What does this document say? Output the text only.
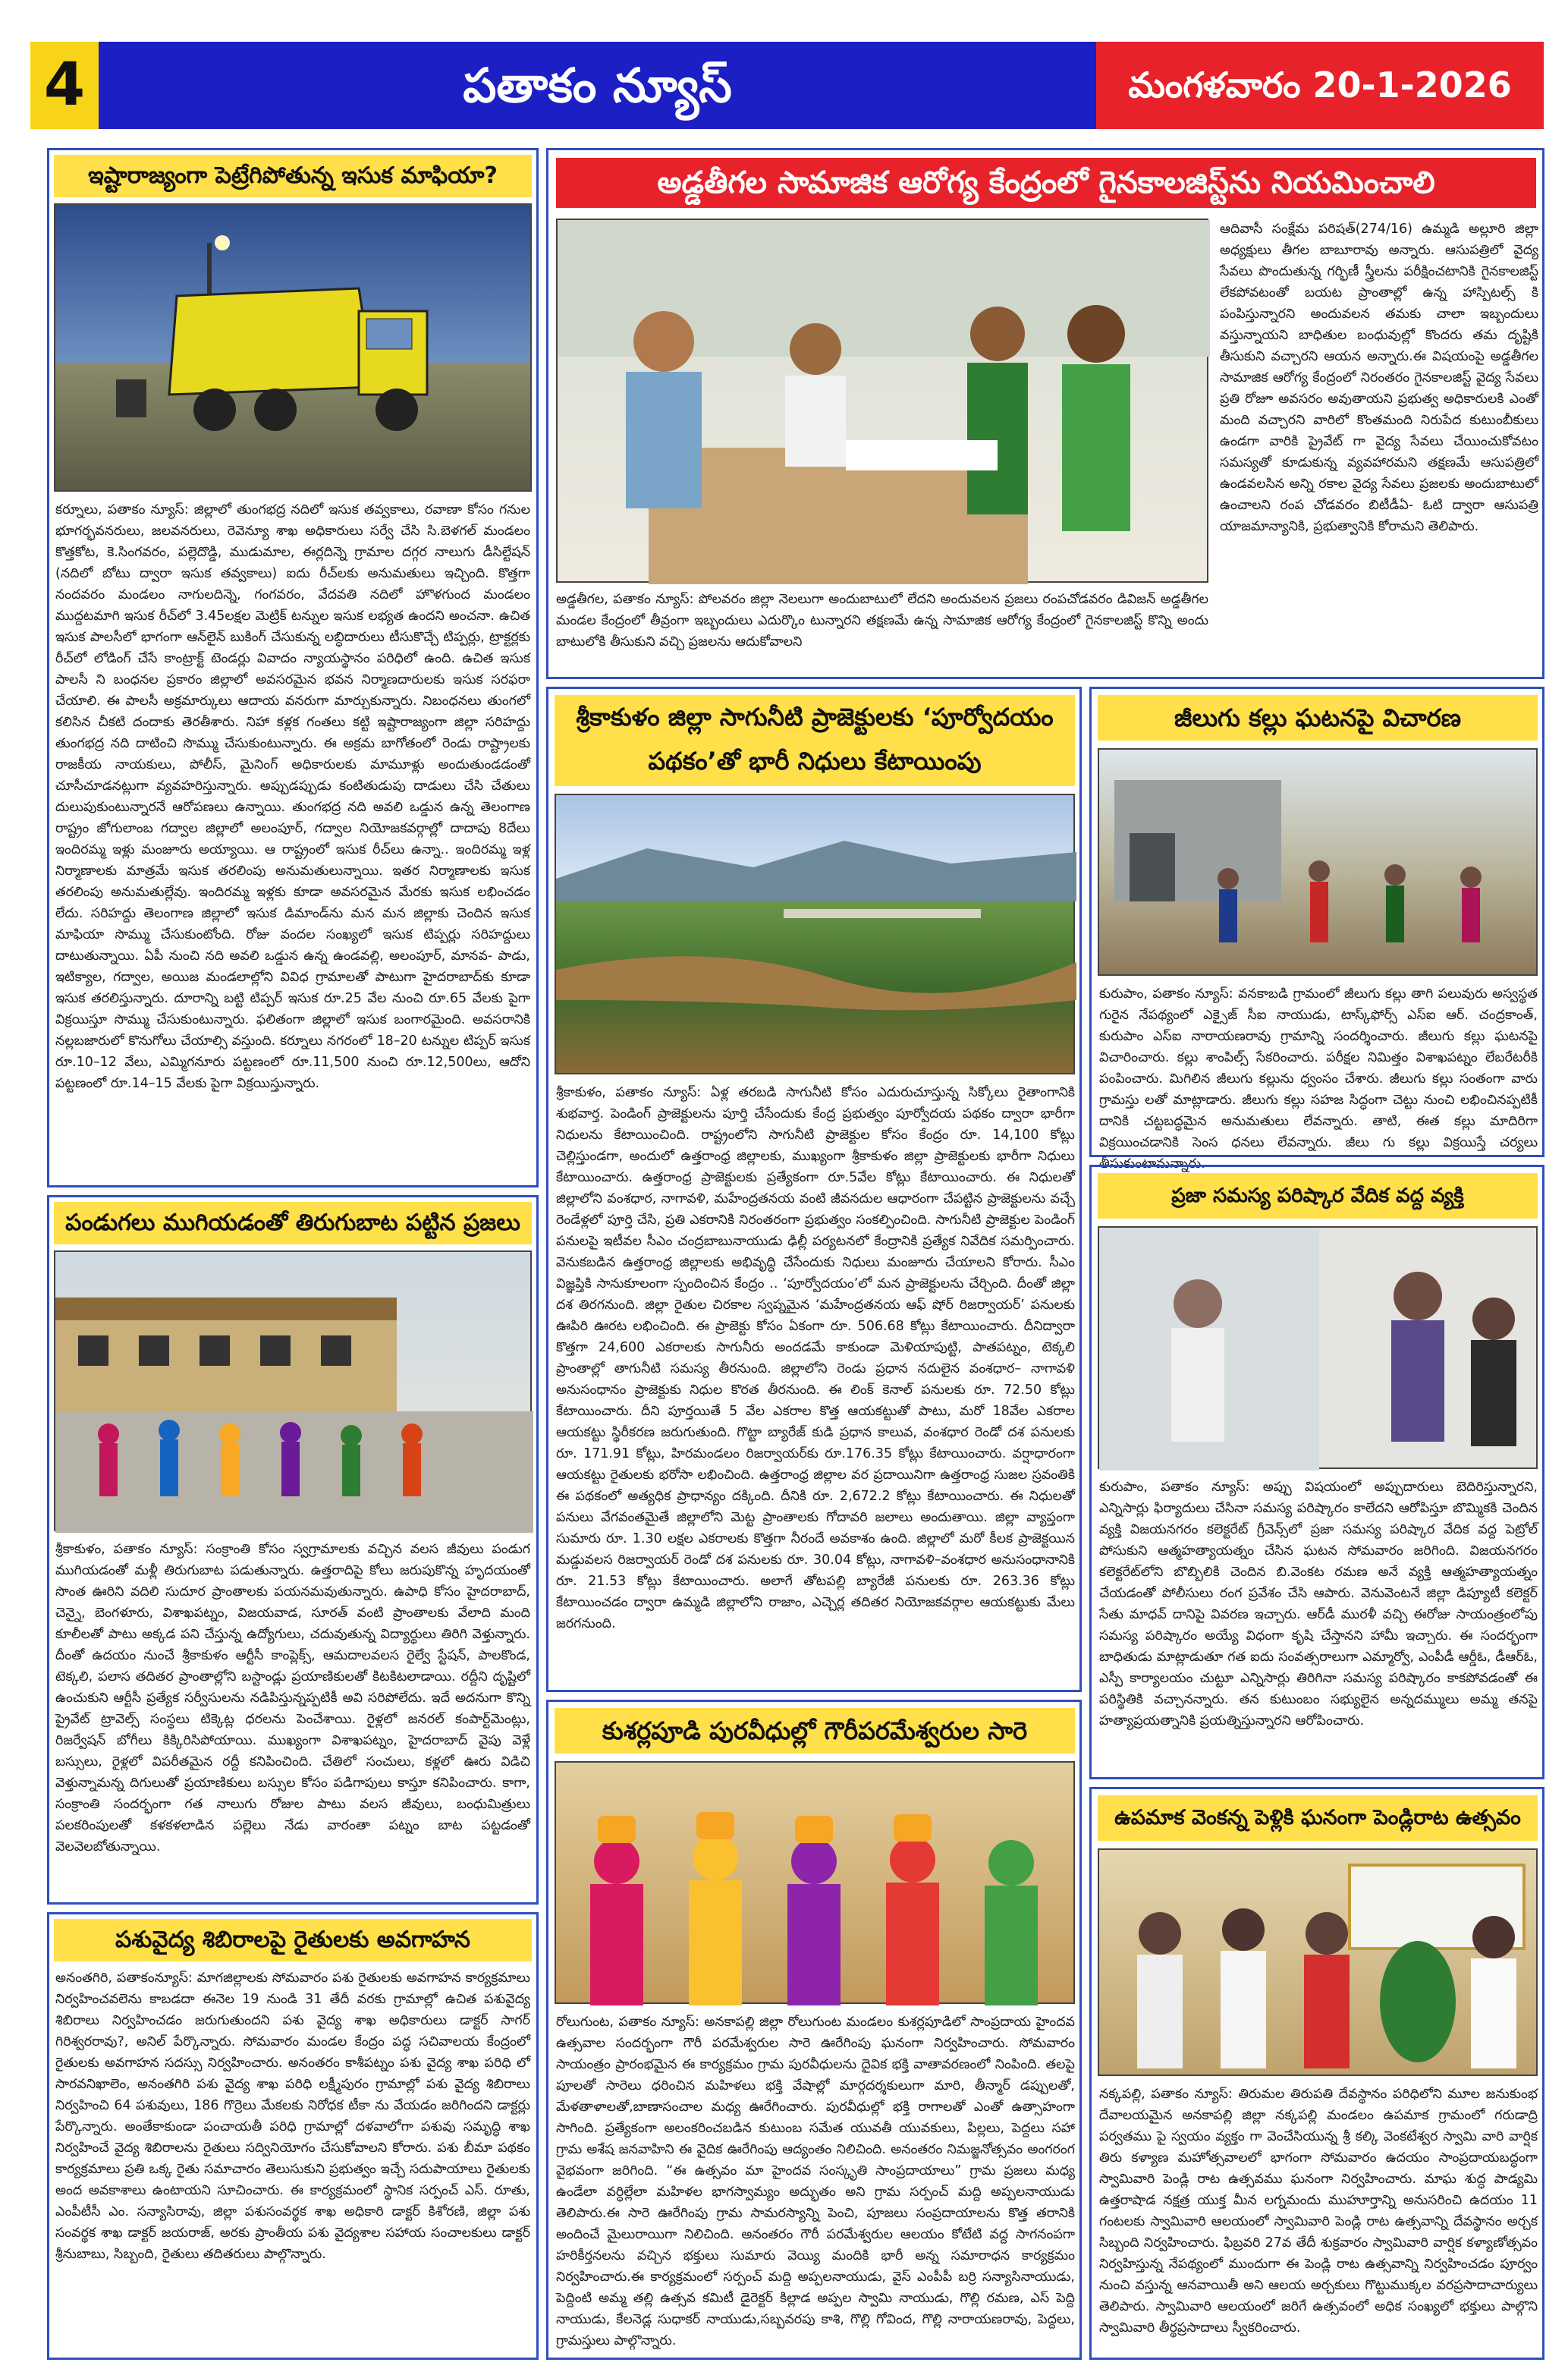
4	పతాకం న్యూస్	మంగళవారం 20-1-2026
ఇష్టారాజ్యంగా పెట్రేగిపోతున్న ఇసుక మాఫియా?
కర్నూలు, పతాకం న్యూస్: జిల్లాలో తుంగభద్ర నదిలో ఇసుక తవ్వకాలు, రవాణా కోసం గనుల భూగర్భవనరులు, జలవనరులు, రెవెన్యూ శాఖ అధికారులు సర్వే చేసి సి.బెళగల్ మండలం కొత్తకోట, కె.సింగవరం, పల్లెదొడ్డి, ముడుమాల, ఈర్లదిన్నె గ్రామాల దగ్గర నాలుగు డీసిల్టేషన్ (నదిలో బోటు ద్వారా ఇసుక తవ్వకాలు) ఐదు రీచ్‌లకు అనుమతులు ఇచ్చింది. కొత్తగా నందవరం మండలం నాగులదిన్నె, గంగవరం, వేదవతి నదిలో హొళగుంద మండలం ముద్దటమాగి ఇసుక రీచ్‌లో 3.45లక్షల మెట్రిక్ టన్నుల ఇసుక లభ్యత ఉందని అంచనా. ఉచిత ఇసుక పాలసీలో భాగంగా ఆన్‌లైన్ బుకింగ్ చేసుకున్న లబ్ధిదారులు టీసుకొచ్చే టిప్పర్లు, ట్రాక్టర్లకు రీచ్‌లో లోడింగ్ చేసే కాంట్రాక్ట్ టెండర్లు వివాదం న్యాయస్థానం పరిధిలో ఉంది. ఉచిత ఇసుక పాలసీ ని బంధనల ప్రకారం జిల్లాలో అవసరమైన భవన నిర్మాణదారులకు ఇసుక సరఫరా చేయాలి. ఈ పాలసీ అక్రమార్కులు ఆదాయ వనరుగా మార్చుకున్నారు. నిబంధనలు తుంగలో కలిసిన చీకటి దందాకు తెరతీశారు. నిహా కళ్లక గంతలు కట్టి ఇష్టారాజ్యంగా జిల్లా సరిహద్దు తుంగభద్ర నది దాటించి సొమ్ము చేసుకుంటున్నారు. ఈ అక్రమ బాగోతంలో రెండు రాష్ట్రాలకు రాజకీయ నాయకులు, పోలీస్, మైనింగ్ అధికారులకు మామూళ్లు అందుతుండడంతో చూసీచూడనట్లుగా వ్యవహరిస్తున్నారు. అప్పుడప్పుడు కంటితుడుపు దాడులు చేసి చేతులు దులుపుకుంటున్నారనే ఆరోపణలు ఉన్నాయి. తుంగభద్ర నది అవలి ఒడ్డున ఉన్న తెలంగాణ రాష్ట్రం జోగులాంబ గద్వాల జిల్లాలో అలంపూర్, గద్వాల నియోజకవర్గాల్లో దాదాపు 8దేలు ఇందిరమ్మ ఇళ్లు మంజూరు అయ్యాయి. ఆ రాష్ట్రంలో ఇసుక రీచ్‌లు ఉన్నా.. ఇందిరమ్మ ఇళ్ల నిర్మాణాలకు మాత్రమే ఇసుక తరలింపు అనుమతులున్నాయి. ఇతర నిర్మాణాలకు ఇసుక తరలింపు అనుమతుల్లేవు. ఇందిరమ్మ ఇళ్లకు కూడా అవసరమైన మేరకు ఇసుక లభించడం లేదు. సరిహద్దు తెలంగాణ జిల్లాలో ఇసుక డిమాండ్‌ను మన మన జిల్లాకు చెందిన ఇసుక మాఫియా సొమ్ము చేసుకుంటోంది. రోజు వందల సంఖ్యలో ఇసుక టిప్పర్లు సరిహద్దులు దాటుతున్నాయి. ఏపీ నుంచి నది అవలి ఒడ్డున ఉన్న ఉండవల్లి, అలంపూర్, మానవ- పాడు, ఇటిక్యాల, గద్వాల, అయిజ మండలాల్లోని వివిధ గ్రామాలతో పాటుగా హైదరాబాద్‌కు కూడా ఇసుక తరలిస్తున్నారు. దూరాన్ని బట్టి టిప్పర్ ఇసుక రూ.25 వేల నుంచి రూ.65 వేలకు పైగా విక్రయిస్తూ సొమ్ము చేసుకుంటున్నారు. ఫలితంగా జిల్లాలో ఇసుక బంగారమైంది. అవసరానికి నల్లబజారులో కొనుగోలు చేయాల్సి వస్తుంది. కర్నూలు నగరంలో 18–20 టన్నుల టిప్పర్ ఇసుక రూ.10–12 వేలు, ఎమ్మిగనూరు పట్టణంలో రూ.11,500 నుంచి రూ.12,500లు, ఆదోని పట్టణంలో రూ.14–15 వేలకు పైగా విక్రయిస్తున్నారు.
పండుగలు ముగియడంతో తిరుగుబాట పట్టిన ప్రజలు
శ్రీకాకుళం, పతాకం న్యూస్: సంక్రాంతి కోసం స్వగ్రామాలకు వచ్చిన వలస జీవులు పండుగ ముగియడంతో మళ్లీ తిరుగుబాట పడుతున్నారు. ఉత్తరాదిపై కోలు జరుపుకొన్న హృదయంతో సొంత ఊరిని వదిలి సుదూర ప్రాంతాలకు పయనమవుతున్నారు. ఉపాధి కోసం హైదరాబాద్, చెన్నై, బెంగళూరు, విశాఖపట్నం, విజయవాడ, సూరత్ వంటి ప్రాంతాలకు వేలాది మంది కూలీలతో పాటు అక్కడ పని చేస్తున్న ఉద్యోగులు, చదువుతున్న విద్యార్థులు తిరిగి వెళ్తున్నారు. దీంతో ఉదయం నుంచే శ్రీకాకుళం ఆర్టీసీ కాంప్లెక్స్, ఆమదాలవలస రైల్వే స్టేషన్, పాలకొండ, టెక్కలి, పలాస తదితర ప్రాంతాల్లోని బస్టాండ్లు ప్రయాణికులతో కిటకిటలాడాయి. రద్దీని దృష్టిలో ఉంచుకుని ఆర్టీసీ ప్రత్యేక సర్వీసులను నడిపిస్తున్నప్పటికీ అవి సరిపోలేదు. ఇదే అదనుగా కొన్ని ప్రైవేట్ ట్రావెల్స్ సంస్థలు టిక్కెట్ల ధరలను పెంచేశాయి. రైళ్లలో జనరల్ కంపార్ట్‌మెంట్లు, రిజర్వేషన్ బోగీలు కిక్కిరిసిపోయాయి. ముఖ్యంగా విశాఖపట్నం, హైదరాబాద్ వైపు వెళ్లే బస్సులు, రైళ్లలో విపరీతమైన రద్దీ కనిపించింది. చేతిలో సంచులు, కళ్లలో ఊరు విడిచి వెళ్తున్నామన్న దిగులుతో ప్రయాణికులు బస్సుల కోసం పడిగాపులు కాస్తూ కనిపించారు. కాగా, సంక్రాంతి సందర్భంగా గత నాలుగు రోజుల పాటు వలస జీవులు, బంధుమిత్రులు పలకరింపులతో కళకళలాడిన పల్లెలు నేడు వారంతా పట్నం బాట పట్టడంతో వెలవెలబోతున్నాయి.
పశువైద్య శిబిరాలపై రైతులకు అవగాహన
అనంతగిరి, పతాకంన్యూస్: మాగజిల్లాలకు సోమవారం పశు రైతులకు అవగాహన కార్యక్రమాలు నిర్వహించవలెను కాబడదా ఈనెల 19 నుండి 31 తేదీ వరకు గ్రామాల్లో ఉచిత పశువైద్య శిబిరాలు నిర్వహించడం జరుగుతుందని పశు వైద్య శాఖ అధికారులు డాక్టర్ సాగర్ గిరిశ్వరరావు?, అనిల్ పేర్కొన్నారు. సోమవారం మండల కేంద్రం పద్ధ సచివాలయ కేంద్రంలో రైతులకు అవగాహన సదస్సు నిర్వహించారు. అనంతరం కాశీపట్నం పశు వైద్య శాఖ పరిధి లో సారవనిఖాలెం, అనంతగిరి పశు వైద్య శాఖ పరిధి లక్ష్మీపురం గ్రామాల్లో పశు వైద్య శిబిరాలు నిర్వహించి 64 పశువులు, 186 గొర్రెలు మేకలకు నిరోధక టీకా ను వేయడం జరిగిందని డాక్టర్లు పేర్కొన్నారు. అంతేకాకుండా పంచాయతీ పరిధి గ్రామాల్లో దళవాలోగా పశువు సమృద్ధి శాఖ నిర్వహించే వైద్య శిబిరాలను రైతులు సద్వినియోగం చేసుకోవాలని కోరారు. పశు బీమా పథకం కార్యక్రమాలు ప్రతి ఒక్క రైతు సమాచారం తెలుసుకుని ప్రభుత్వం ఇచ్చే సదుపాయాలు రైతులకు అంద అవకాశాలు ఉంటాయని సూచించారు. ఈ కార్యక్రమంలో స్థానిక సర్పంచ్ ఎస్. రూతు, ఎంపీటీసీ ఎం. సన్యాసిరావు, జిల్లా పశుసంవర్థక శాఖ అధికారి డాక్టర్ కిశోరణి, జిల్లా పశు సంవర్థక శాఖ డాక్టర్ జయరాజ్, అరకు ప్రాంతీయ పశు వైద్యశాల సహాయ సంచాలకులు డాక్టర్ శ్రీనుబాబు, సిబ్బంది, రైతులు తదితరులు పాల్గొన్నారు.
అడ్డతీగల సామాజిక ఆరోగ్య కేంద్రంలో గైనకాలజిస్ట్‌ను నియమించాలి
అడ్డతీగల, పతాకం న్యూస్: పోలవరం జిల్లా నెలలుగా అందుబాటులో లేదని అందువలన ప్రజలు రంపచోడవరం డివిజన్ అడ్డతీగల మండల కేంద్రంలో తీవ్రంగా ఇబ్బందులు ఎదుర్కొం టున్నారని తక్షణమే ఉన్న సామాజిక ఆరోగ్య కేంద్రంలో గైనకాలజిస్ట్ కొన్ని అందు బాటులోకి తీసుకుని వచ్చి ప్రజలను ఆదుకోవాలని
ఆదివాసీ సంక్షేమ పరిషత్(274/16) ఉమ్మడి అల్లూరి జిల్లా అధ్యక్షులు తీగల బాబూరావు అన్నారు. ఆసుపత్రిలో వైద్య సేవలు పొందుతున్న గర్భిణీ స్త్రీలను పరీక్షించటానికి గైనకాలజిస్ట్ లేకపోవటంతో బయట ప్రాంతాల్లో ఉన్న హాస్పిటల్స్ కి పంపిస్తున్నారని అందువలన తమకు చాలా ఇబ్బందులు వస్తున్నాయని బాధితుల బంధువుల్లో కొందరు తమ దృష్టికి తీసుకుని వచ్చారని ఆయన అన్నారు.ఈ విషయంపై అడ్డతీగల సామాజిక ఆరోగ్య కేంద్రంలో నిరంతరం గైనకాలజిస్ట్ వైద్య సేవలు ప్రతి రోజూ అవసరం అవుతాయని ప్రభుత్వ అధికారులకి ఎంతో మంది వచ్చారని వారిలో కొంతమంది నిరుపేద కుటుంబీకులు ఉండగా వారికి ప్రైవేట్ గా వైద్య సేవలు చేయించుకోవటం సమస్యతో కూడుకున్న వ్యవహారమని తక్షణమే ఆసుపత్రిలో ఉండవలసిన అన్ని రకాల వైద్య సేవలు ప్రజలకు అందుబాటులో ఉంచాలని రంప చోడవరం బిటీడీఏ- ఓటి ద్వారా ఆసుపత్రి యాజమాన్యానికి, ప్రభుత్వానికి కోరామని తెలిపారు.
శ్రీకాకుళం జిల్లా సాగునీటి ప్రాజెక్టులకు ‘పూర్వోదయం పథకం’తో భారీ నిధులు కేటాయింపు
శ్రీకాకుళం, పతాకం న్యూస్: ఏళ్ల తరబడి సాగునీటి కోసం ఎదురుచూస్తున్న సిక్కోలు రైతాంగానికి శుభవార్త. పెండింగ్ ప్రాజెక్టులను పూర్తి చేసేందుకు కేంద్ర ప్రభుత్వం పూర్వోదయ పథకం ద్వారా భారీగా నిధులను కేటాయించింది. రాష్ట్రంలోని సాగునీటి ప్రాజెక్టుల కోసం కేంద్రం రూ. 14,100 కోట్లు చెల్లిస్తుండగా, అందులో ఉత్తరాంధ్ర జిల్లాలకు, ముఖ్యంగా శ్రీకాకుళం జిల్లా ప్రాజెక్టులకు భారీగా నిధులు కేటాయించారు. ఉత్తరాంధ్ర ప్రాజెక్టులకు ప్రత్యేకంగా రూ.5వేల కోట్లు కేటాయించారు. ఈ నిధులతో జిల్లాలోని వంశధార, నాగావళి, మహేంద్రతనయ వంటి జీవనదుల ఆధారంగా చేపట్టిన ప్రాజెక్టులను వచ్చే రెండేళ్లలో పూర్తి చేసి, ప్రతి ఎకరానికి నిరంతరంగా ప్రభుత్వం సంకల్పించింది. సాగునీటి ప్రాజెక్టుల పెండింగ్ పనులపై ఇటీవల సీఎం చంద్రబాబునాయుడు ఢిల్లీ పర్యటనలో కేంద్రానికి ప్రత్యేక నివేదిక సమర్పించారు. వెనుకబడిన ఉత్తరాంధ్ర జిల్లాలకు అభివృద్ధి చేసేందుకు నిధులు మంజూరు చేయాలని కోరారు. సీఎం విజ్ఞప్తికి సానుకూలంగా స్పందించిన కేంద్రం .. ‘పూర్వోదయం’లో మన ప్రాజెక్టులను చేర్చింది. దీంతో జిల్లా దశ తిరగనుంది. జిల్లా రైతుల చిరకాల స్వప్నమైన ‘మహేంద్రతనయ ఆఫ్ షోర్ రిజర్వాయర్’ పనులకు ఊపిరి ఊరట లభించింది. ఈ ప్రాజెక్టు కోసం ఏకంగా రూ. 506.68 కోట్లు కేటాయించారు. దీనిద్వారా కొత్తగా 24,600 ఎకరాలకు సాగునీరు అందడమే కాకుండా మెళియాపుట్టి, పాతపట్నం, టెక్కలి ప్రాంతాల్లో తాగునీటి సమస్య తీరనుంది. జిల్లాలోని రెండు ప్రధాన నదులైన వంశధార– నాగావళి అనుసంధానం ప్రాజెక్టుకు నిధుల కొరత తీరనుంది. ఈ లింక్ కెనాల్ పనులకు రూ. 72.50 కోట్లు కేటాయించారు. దీని పూర్తయితే 5 వేల ఎకరాల కొత్త ఆయకట్టుతో పాటు, మరో 18వేల ఎకరాల ఆయకట్టు స్థిరీకరణ జరుగుతుంది. గొట్టా బ్యారేజ్ కుడి ప్రధాన కాలువ, వంశధార రెండో దశ పనులకు రూ. 171.91 కోట్లు, హిరమండలం రిజర్వాయర్‌కు రూ.176.35 కోట్లు కేటాయించారు. వర్షాధారంగా ఆయకట్టు రైతులకు భరోసా లభించింది. ఉత్తరాంధ్ర జిల్లాల వర ప్రదాయినిగా ఉత్తరాంధ్ర సుజల స్రవంతికి ఈ పథకంలో అత్యధిక ప్రాధాన్యం దక్కింది. దీనికి రూ. 2,672.2 కోట్లు కేటాయించారు. ఈ నిధులతో పనులు వేగవంతమైతే జిల్లాలోని మెట్ట ప్రాంతాలకు గోదావరి జలాలు అందుతాయి. జిల్లా వ్యాప్తంగా సుమారు రూ. 1.30 లక్షల ఎకరాలకు కొత్తగా నీరందే అవకాశం ఉంది. జిల్లాలో మరో కీలక ప్రాజెక్టయిన మడ్డువలస రిజర్వాయర్ రెండో దశ పనులకు రూ. 30.04 కోట్లు, నాగావళి–వంశధార అనుసంధానానికి రూ. 21.53 కోట్లు కేటాయించారు. అలాగే తోటపల్లి బ్యారేజీ పనులకు రూ. 263.36 కోట్లు కేటాయించడం ద్వారా ఉమ్మడి జిల్లాలోని రాజాం, ఎచ్చెర్ల తదితర నియోజకవర్గాల ఆయకట్టుకు మేలు జరగనుంది.
కుశర్లపూడి పురవీధుల్లో గౌరీపరమేశ్వరుల సారె
రోలుగుంట, పతాకం న్యూస్: అనకాపల్లి జిల్లా రోలుగుంట మండలం కుశర్లపూడిలో సాంప్రదాయ హైందవ ఉత్సవాల సందర్భంగా గౌరీ పరమేశ్వరుల సారె ఊరేగింపు ఘనంగా నిర్వహించారు. సోమవారం సాయంత్రం ప్రారంభమైన ఈ కార్యక్రమం గ్రామ పురవీధులను దైవిక భక్తి వాతావరణంలో నింపింది. తలపై పూలతో సారెలు ధరించిన మహిళలు భక్తి వేషాల్లో మార్గదర్శకులుగా మారి, తీన్మార్ డప్పులతో, మేళతాళాలతో,బాణాసంచాల మధ్య ఊరేగించారు. పురవీధుల్లో భక్తి రాగాలతో ఎంతో ఉత్సాహంగా సాగింది. ప్రత్యేకంగా అలంకరించబడిన కుటుంబ సమేత యువతీ యువకులు, పిల్లలు, పెద్దలు సహా గ్రామ అశేష జనవాహిని ఈ వైదిక ఊరేగింపు ఆద్యంతం నిలిచింది. అనంతరం నిమజ్జనోత్సవం అంగరంగ వైభవంగా జరిగింది. “ఈ ఉత్సవం మా హైందవ సంస్కృతి సాంప్రదాయాలు” గ్రామ ప్రజలు మధ్య ఉండేలా వర్ధిల్లేలా మహిళల భాగస్వామ్యం అద్భుతం అని గ్రామ సర్పంచ్ మద్ది అప్పలనాయుడు తెలిపారు.ఈ సారె ఊరేగింపు గ్రామ సామరస్యాన్ని పెంచి, పూజలు సంప్రదాయాలను కొత్త తరానికి అందించే మైలురాయిగా నిలిచింది. అనంతరం గౌరీ పరమేశ్వరుల ఆలయం కోటేటి వద్ద సాగనంపగా హరికీర్తనలను వచ్చిన భక్తులు సుమారు వెయ్యి మందికి భారీ అన్న సమారాధన కార్యక్రమం నిర్వహించారు.ఈ కార్యక్రమంలో సర్పంచ్ మద్ది అప్పలనాయుడు, వైస్ ఎంపీపీ బర్రి సన్యాసినాయుడు, పెద్దింటి అమ్మ తల్లి ఉత్సవ కమిటీ డైరెక్టర్ కిల్లాడ అప్పల స్వామి నాయుడు, గొల్లి రమణ, ఎస్ పెద్ది నాయుడు, కేలనెడ్ల సుధాకర్ నాయుడు,సబ్బవరపు కాశి, గొల్లి గోవింద, గొల్లి నారాయణరావు, పెద్దలు, గ్రామస్తులు పాల్గొన్నారు.
జీలుగు కల్లు ఘటనపై విచారణ
కురుపాం, పతాకం న్యూస్: వనకాబడి గ్రామంలో జీలుగు కల్లు తాగి పలువురు అస్వస్థత గురైన నేపథ్యంలో ఎక్సైజ్ సీఐ నాయుడు, టాస్క్‌ఫోర్స్ ఎస్ఐ ఆర్. చంద్రకాంత్, కురుపాం ఎస్ఐ నారాయణరావు గ్రామాన్ని సందర్శించారు. జీలుగు కల్లు ఘటనపై విచారించారు. కల్లు శాంపిల్స్ సేకరించారు. పరీక్షల నిమిత్తం విశాఖపట్నం లేబరేటరీకి పంపించారు. మిగిలిన జీలుగు కల్లును ధ్వంసం చేశారు. జీలుగు కల్లు సంతంగా వారు గ్రామస్తు లతో మాట్లాడారు. జీలుగు కల్లు సహజ సిద్ధంగా చెట్టు నుంచి లభించినప్పటికీ దానికి చట్టబద్ధమైన అనుమతులు లేవన్నారు. తాటి, ఈత కల్లు మాదిరిగా విక్రయించడానికి సెంస ధనలు లేవన్నారు. జీలు గు కల్లు విక్రయిస్తే చర్యలు తీసుకుంటామన్నారు.
ప్రజా సమస్య పరిష్కార వేదిక వద్ద వ్యక్తి
కురుపాం, పతాకం న్యూస్: అప్పు విషయంలో అప్పుదారులు బెదిరిస్తున్నారని, ఎన్నిసార్లు ఫిర్యాదులు చేసినా సమస్య పరిష్కారం కాలేదని ఆరోపిస్తూ బొమ్మికకి చెందిన వ్యక్తి విజయనగరం కలెక్టరేట్ గ్రీవెన్స్‌లో ప్రజా సమస్య పరిష్కార వేదిక వద్ద పెట్రోల్ పోసుకుని ఆత్మహత్యాయత్నం చేసిన ఘటన సోమవారం జరిగింది. విజయనగరం కలెక్టరేట్‌లోని బొబ్బిలికి చెందిన బి.వెంకట రమణ అనే వ్యక్తి ఆత్మహత్యాయత్నం చేయడంతో పోలీసులు రంగ ప్రవేశం చేసి ఆపారు. వెనువెంటనే జిల్లా డిప్యూటీ కలెక్టర్ సేతు మాధవ్ దానిపై వివరణ ఇచ్చారు. ఆర్‌డీ మురళీ వచ్చి ఈరోజు సాయంత్రంలోపు సమస్య పరిష్కారం అయ్యే విధంగా కృషి చేస్తానని హామీ ఇచ్చారు. ఈ సందర్భంగా బాధితుడు మాట్లాడుతూ గత ఐదు సంవత్సరాలుగా ఎమ్మార్వో, ఎంపీడీ ఆర్డీఓ, డీఆర్‌ఓ, ఎస్పీ కార్యాలయం చుట్టూ ఎన్నిసార్లు తిరిగినా సమస్య పరిష్కారం కాకపోవడంతో ఈ పరిస్థితికి వచ్చానన్నారు. తన కుటుంబం సభ్యులైన అన్నదమ్ములు అమ్మ తనపై హత్యాప్రయత్నానికి ప్రయత్నిస్తున్నారని ఆరోపించారు.
ఉపమాక వెంకన్న పెళ్లికి ఘనంగా పెండ్లిరాట ఉత్సవం
నక్కపల్లి, పతాకం న్యూస్: తిరుమల తిరుపతి దేవస్థానం పరిధిలోని మూల జనుకుంభ దేవాలయమైన అనకాపల్లి జిల్లా నక్కపల్లి మండలం ఉపమాక గ్రామంలో గరుడాద్రి పర్వతము పై స్వయం వ్యక్తం గా వెంచేసియున్న శ్రీ కల్కి వెంకటేశ్వర స్వామి వారి వార్షిక తిరు కళ్యాణ మహోత్సవాలలో భాగంగా సోమవారం ఉదయం సాంప్రదాయబద్ధంగా స్వామివారి పెండ్లి రాట ఉత్సవము ఘనంగా నిర్వహించారు. మాఘ శుద్ధ పాడ్యమి ఉత్తరాషాడ నక్షత్ర యుక్త మీన లగ్నమందు ముహూర్తాన్ని అనుసరించి ఉదయం 11 గంటలకు స్వామివారి ఆలయంలో స్వామివారి పెండ్లి రాట ఉత్సవాన్ని దేవస్థానం అర్చక సిబ్బంది నిర్వహించారు. ఫిబ్రవరి 27వ తేదీ శుక్రవారం స్వామివారి వార్షిక కళ్యాణోత్సవం నిర్వహిస్తున్న నేపథ్యంలో ముందుగా ఈ పెండ్లి రాట ఉత్సవాన్ని నిర్వహించడం పూర్వం నుంచి వస్తున్న ఆనవాయితీ అని ఆలయ అర్చకులు గొట్టుముక్కల వరప్రసాదాచార్యులు తెలిపారు. స్వామివారి ఆలయంలో జరిగే ఉత్సవంలో అధిక సంఖ్యలో భక్తులు పాల్గొని స్వామివారి తీర్థప్రసాదాలు స్వీకరించారు.
